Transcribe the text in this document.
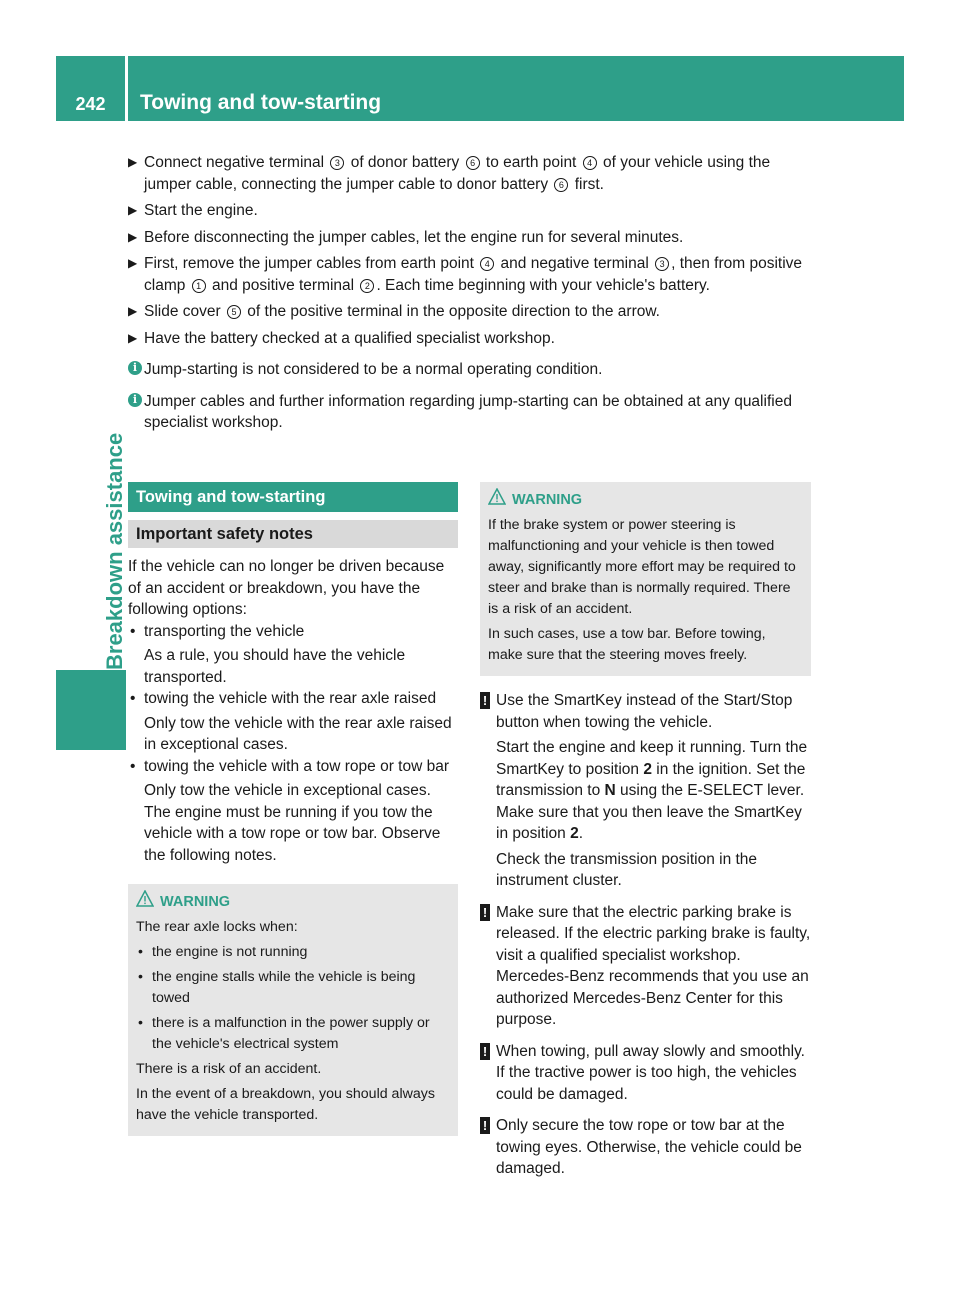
242	Towing and tow-starting
Breakdown assistance
▶ Connect negative terminal 3 of donor battery 6 to earth point 4 of your vehicle using the jumper cable, connecting the jumper cable to donor battery 6 first.
▶ Start the engine.
▶ Before disconnecting the jumper cables, let the engine run for several minutes.
▶ First, remove the jumper cables from earth point 4 and negative terminal 3 , then from positive clamp 1 and positive terminal 2 . Each time beginning with your vehicle's battery.
▶ Slide cover 5 of the positive terminal in the opposite direction to the arrow.
▶ Have the battery checked at a qualified specialist workshop.
i Jump-starting is not considered to be a normal operating condition.
i Jumper cables and further information regarding jump-starting can be obtained at any qualified specialist workshop.
Towing and tow-starting
Important safety notes
If the vehicle can no longer be driven because of an accident or breakdown, you have the following options:
• transporting the vehicle
As a rule, you should have the vehicle transported.
• towing the vehicle with the rear axle raised
Only tow the vehicle with the rear axle raised in exceptional cases.
• towing the vehicle with a tow rope or tow bar
Only tow the vehicle in exceptional cases. The engine must be running if you tow the vehicle with a tow rope or tow bar. Observe the following notes.
WARNING

The rear axle locks when:

• the engine is not running
• the engine stalls while the vehicle is being towed
• there is a malfunction in the power supply or the vehicle's electrical system

There is a risk of an accident.

In the event of a breakdown, you should always have the vehicle transported.

WARNING

If the brake system or power steering is malfunctioning and your vehicle is then towed away, significantly more effort may be required to steer and brake than is normally required. There is a risk of an accident.

In such cases, use a tow bar. Before towing, make sure that the steering moves freely.

! Use the SmartKey instead of the Start/Stop button when towing the vehicle.

Start the engine and keep it running. Turn the SmartKey to position 2 in the ignition. Set the transmission to N using the E-SELECT lever. Make sure that you then leave the SmartKey in position 2.

Check the transmission position in the instrument cluster.

! Make sure that the electric parking brake is released. If the electric parking brake is faulty, visit a qualified specialist workshop. Mercedes-Benz recommends that you use an authorized Mercedes-Benz Center for this purpose.

! When towing, pull away slowly and smoothly. If the tractive power is too high, the vehicles could be damaged.

! Only secure the tow rope or tow bar at the towing eyes. Otherwise, the vehicle could be damaged.
